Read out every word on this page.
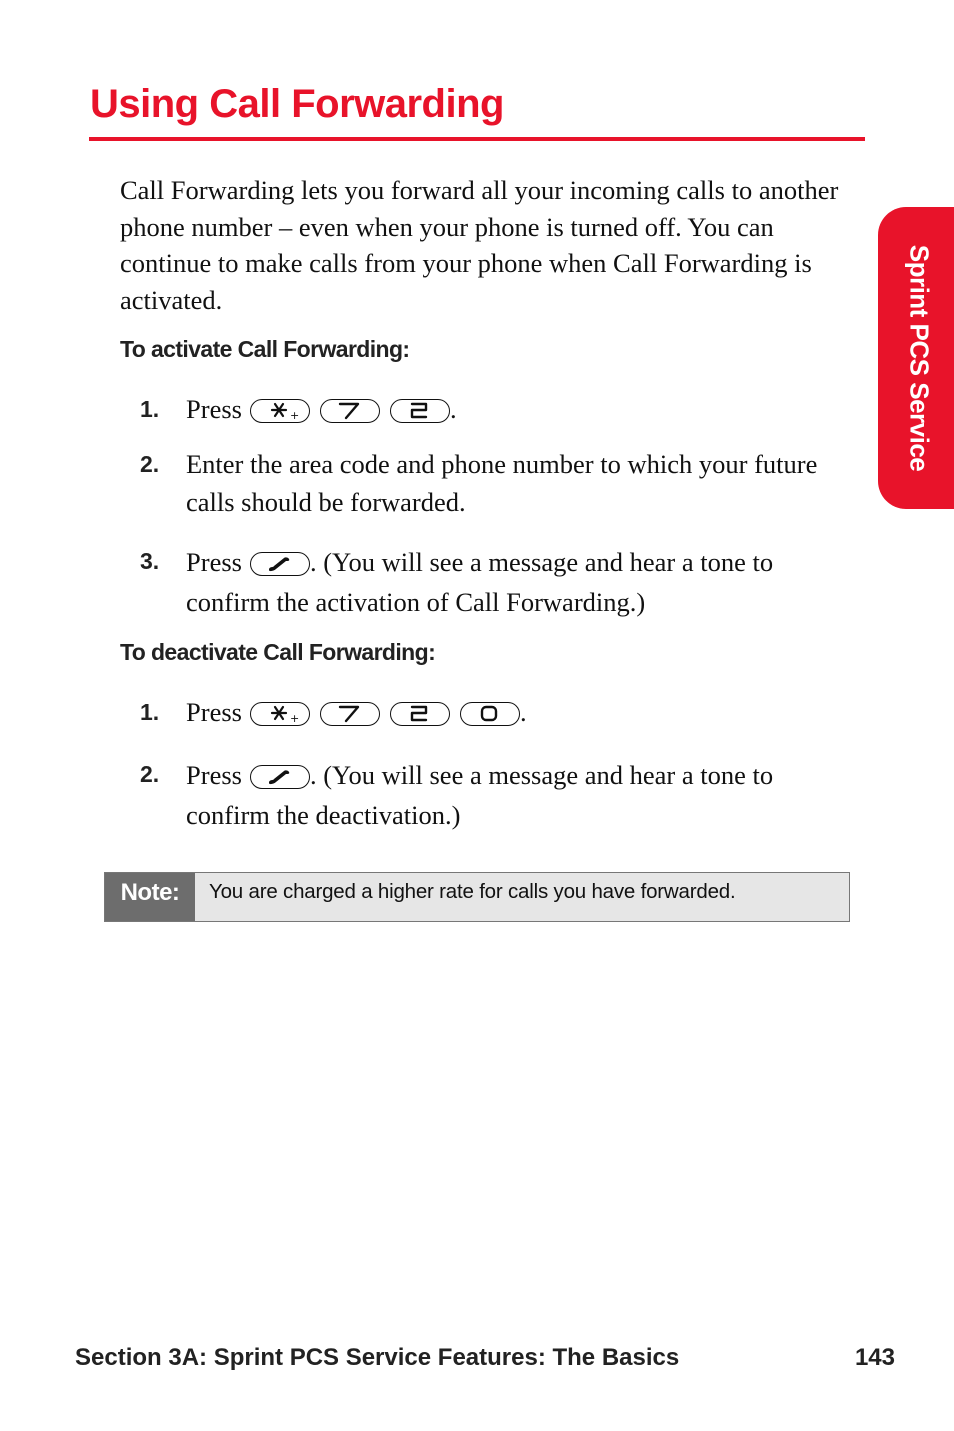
Using Call Forwarding
Sprint PCS Service

Call Forwarding lets you forward all your incoming calls to another phone number – even when your phone is turned off. You can continue to make calls from your phone when Call Forwarding is activated.

To activate Call Forwarding:
1. Press	+	.
2. Enter the area code and phone number to which your future calls should be forwarded.
3. Press	. (You will see a message and hear a tone to confirm the activation of Call Forwarding.)
To deactivate Call Forwarding:
1. Press	+	.
2. Press	. (You will see a message and hear a tone to confirm the deactivation.)
Note:	You are charged a higher rate for calls you have forwarded.
Section 3A: Sprint PCS Service Features: The Basics	143
